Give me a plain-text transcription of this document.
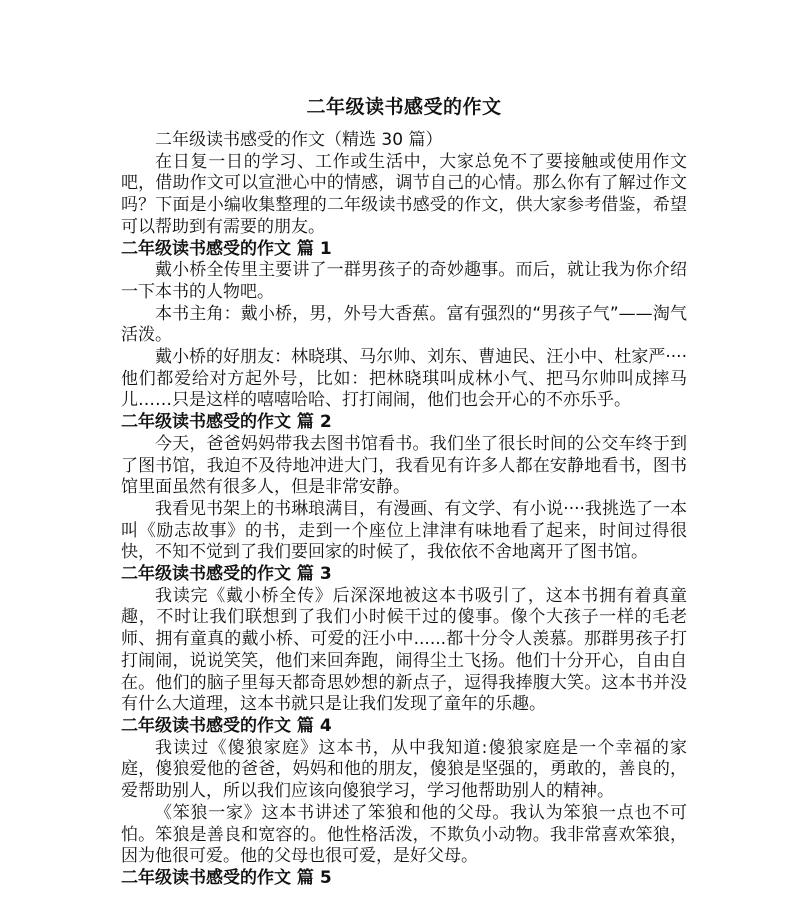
二年级读书感受的作文

二年级读书感受的作文（精选 30 篇）

在日复一日的学习、工作或生活中，大家总免不了要接触或使用作文吧，借助作文可以宣泄心中的情感，调节自己的心情。那么你有了解过作文吗？下面是小编收集整理的二年级读书感受的作文，供大家参考借鉴，希望可以帮助到有需要的朋友。

二年级读书感受的作文 篇 1

戴小桥全传里主要讲了一群男孩子的奇妙趣事。而后，就让我为你介绍一下本书的人物吧。

本书主角：戴小桥，男，外号大香蕉。富有强烈的“男孩子气”——淘气活泼。

戴小桥的好朋友：林晓琪、马尔帅、刘东、曹迪民、汪小中、杜家严····他们都爱给对方起外号，比如：把林晓琪叫成林小气、把马尔帅叫成摔马儿……只是这样的嘻嘻哈哈、打打闹闹，他们也会开心的不亦乐乎。

二年级读书感受的作文 篇 2

今天，爸爸妈妈带我去图书馆看书。我们坐了很长时间的公交车终于到了图书馆，我迫不及待地冲进大门，我看见有许多人都在安静地看书，图书馆里面虽然有很多人，但是非常安静。

我看见书架上的书琳琅满目，有漫画、有文学、有小说····我挑选了一本叫《励志故事》的书，走到一个座位上津津有味地看了起来，时间过得很快，不知不觉到了我们要回家的时候了，我依依不舍地离开了图书馆。

二年级读书感受的作文 篇 3

我读完《戴小桥全传》后深深地被这本书吸引了，这本书拥有着真童趣，不时让我们联想到了我们小时候干过的傻事。像个大孩子一样的毛老师、拥有童真的戴小桥、可爱的汪小中......都十分令人羡慕。那群男孩子打打闹闹，说说笑笑，他们来回奔跑，闹得尘土飞扬。他们十分开心，自由自在。他们的脑子里每天都奇思妙想的新点子，逗得我捧腹大笑。这本书并没有什么大道理，这本书就只是让我们发现了童年的乐趣。

二年级读书感受的作文 篇 4

我读过《傻狼家庭》这本书，从中我知道:傻狼家庭是一个幸福的家庭，傻狼爱他的爸爸，妈妈和他的朋友，傻狼是坚强的，勇敢的，善良的，爱帮助别人，所以我们应该向傻狼学习，学习他帮助别人的精神。

《笨狼一家》这本书讲述了笨狼和他的父母。我认为笨狼一点也不可怕。笨狼是善良和宽容的。他性格活泼，不欺负小动物。我非常喜欢笨狼，因为他很可爱。他的父母也很可爱，是好父母。

二年级读书感受的作文 篇 5
